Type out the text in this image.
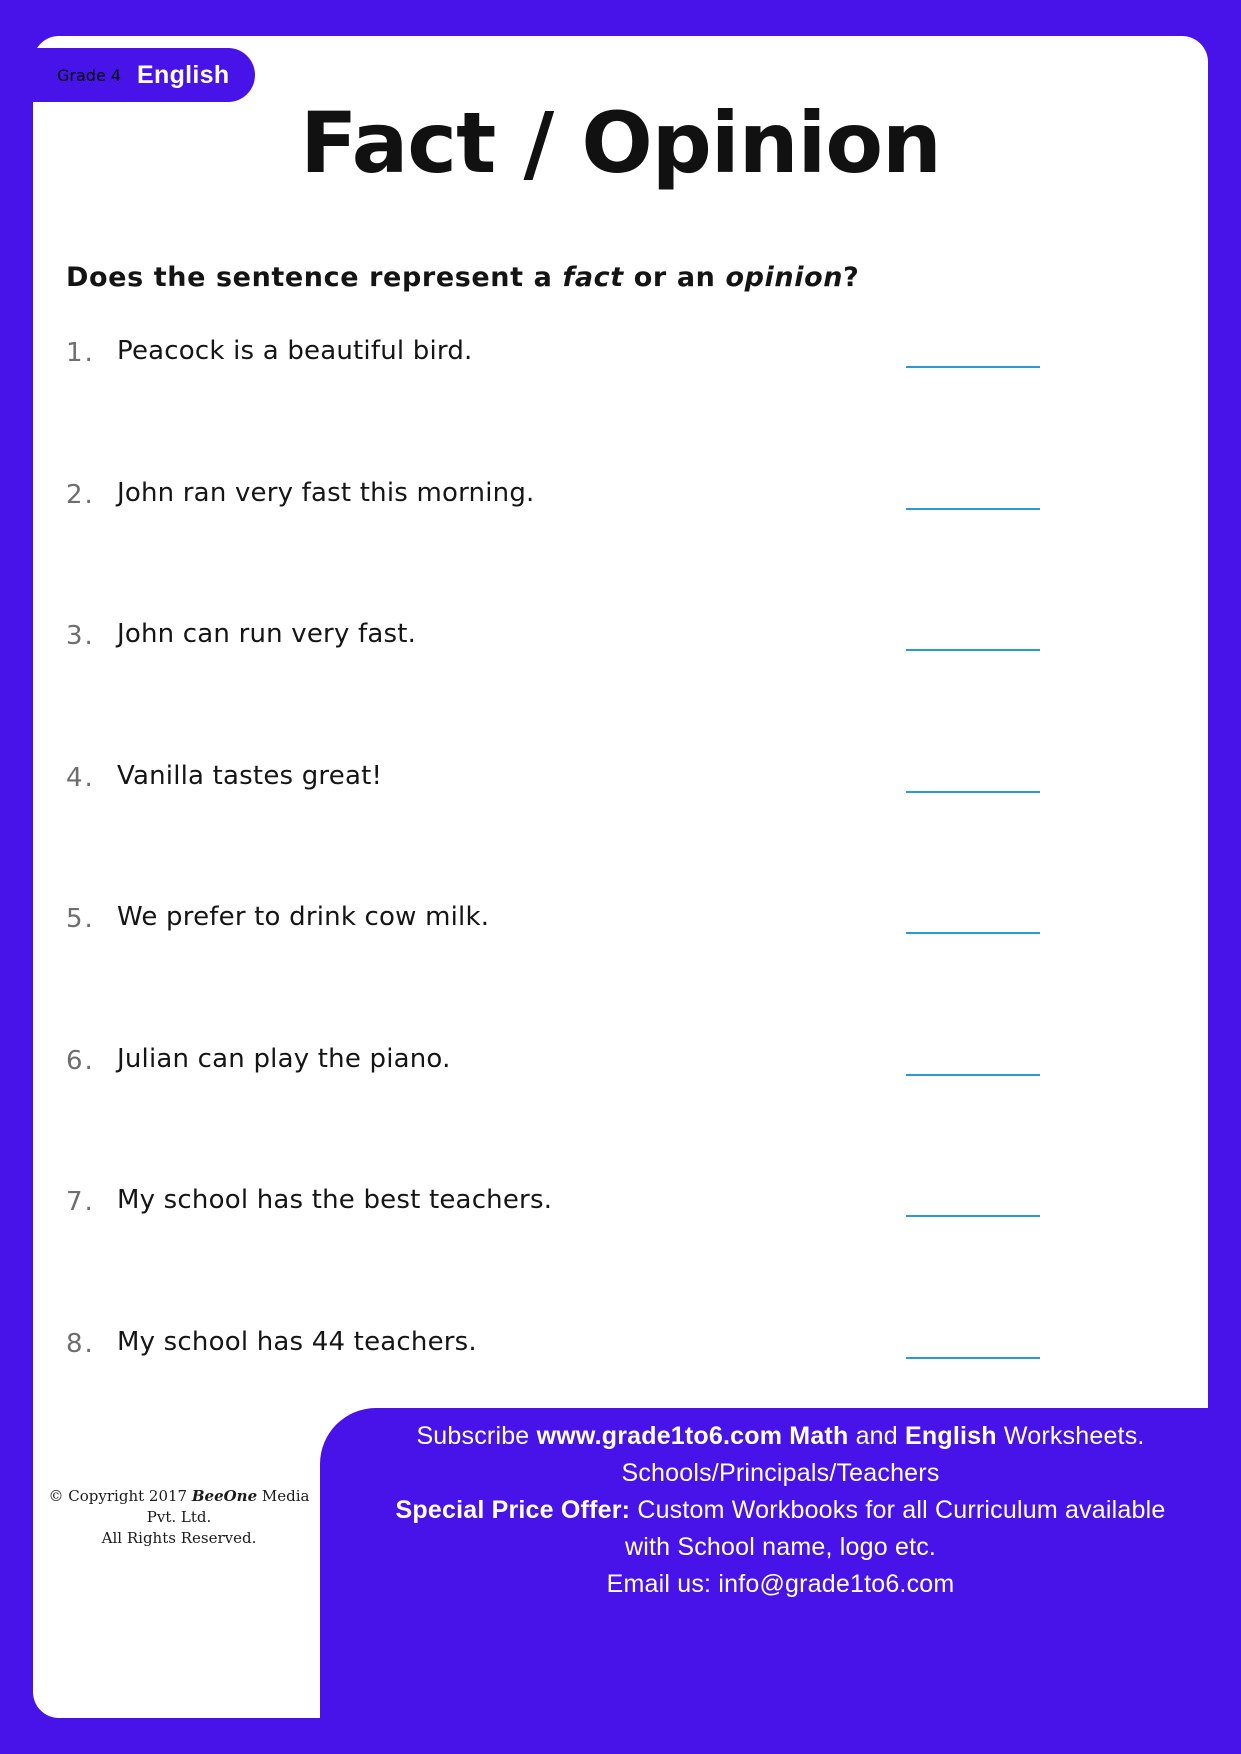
Grade 4 English
Fact / Opinion
Does the sentence represent a fact or an opinion?
1. Peacock is a beautiful bird.
2. John ran very fast this morning.
3. John can run very fast.
4. Vanilla tastes great!
5. We prefer to drink cow milk.
6. Julian can play the piano.
7. My school has the best teachers.
8. My school has 44 teachers.
Subscribe www.grade1to6.com Math and English Worksheets.
Schools/Principals/Teachers
Special Price Offer: Custom Workbooks for all Curriculum available
with School name, logo etc.
Email us: info@grade1to6.com
© Copyright 2017 BeeOne Media Pvt. Ltd.
All Rights Reserved.
